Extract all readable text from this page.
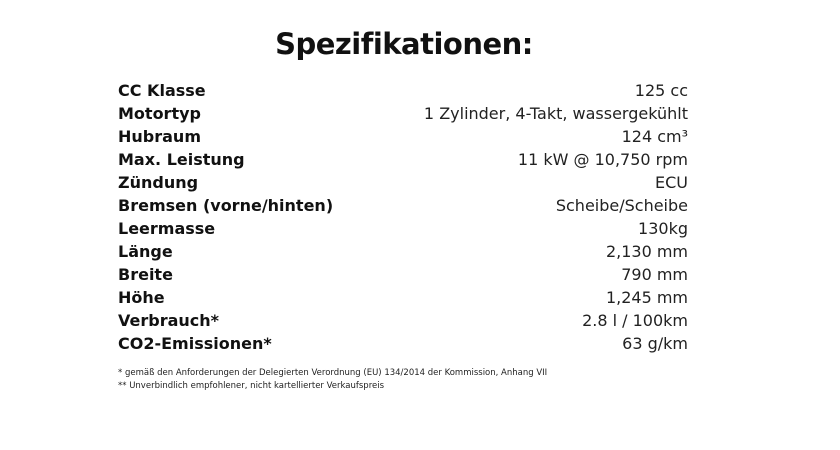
Spezifikationen:
CC Klasse	125 cc
Motortyp	1 Zylinder, 4-Takt, wassergekühlt
Hubraum	124 cm³
Max. Leistung	11 kW @ 10,750 rpm
Zündung	ECU
Bremsen (vorne/hinten)	Scheibe/Scheibe
Leermasse	130kg
Länge	2,130 mm
Breite	790 mm
Höhe	1,245 mm
Verbrauch*	2.8 l / 100km
CO2-Emissionen*	63 g/km
* gemäß den Anforderungen der Delegierten Verordnung (EU) 134/2014 der Kommission, Anhang VII
** Unverbindlich empfohlener, nicht kartellierter Verkaufspreis
